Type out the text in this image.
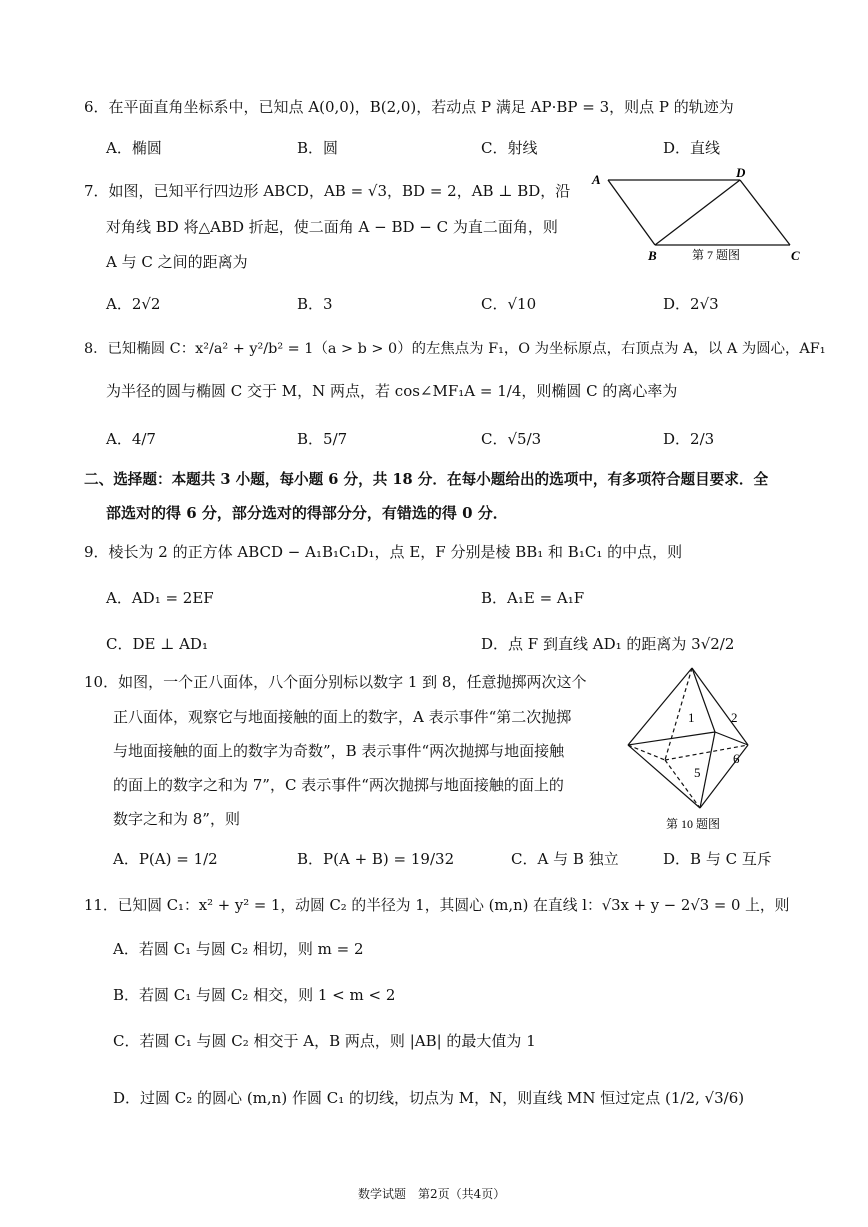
6．在平面直角坐标系中，已知点 A(0,0)，B(2,0)，若动点 P 满足 AP·BP = 3，则点 P 的轨迹为
A．椭圆	B．圆	C．射线	D．直线
7．如图，已知平行四边形 ABCD，AB = √3，BD = 2，AB ⊥ BD，沿
对角线 BD 将△ABD 折起，使二面角 A − BD − C 为直二面角，则
A 与 C 之间的距离为
A	D
B	C
第 7 题图
A．2√2	B．3	C．√10	D．2√3
8．已知椭圆 C：x²/a² + y²/b² = 1（a > b > 0）的左焦点为 F₁，O 为坐标原点，右顶点为 A，以 A 为圆心，AF₁
为半径的圆与椭圆 C 交于 M，N 两点，若 cos∠MF₁A = 1/4，则椭圆 C 的离心率为
A．4/7	B．5/7	C．√5/3	D．2/3
二、选择题：本题共 3 小题，每小题 6 分，共 18 分．在每小题给出的选项中，有多项符合题目要求．全
部选对的得 6 分，部分选对的得部分分，有错选的得 0 分．
9．棱长为 2 的正方体 ABCD − A₁B₁C₁D₁，点 E，F 分别是棱 BB₁ 和 B₁C₁ 的中点，则
A．AD₁ = 2EF	B．A₁E = A₁F
C．DE ⊥ AD₁	D．点 F 到直线 AD₁ 的距离为 3√2/2
10．如图，一个正八面体，八个面分别标以数字 1 到 8，任意抛掷两次这个
正八面体，观察它与地面接触的面上的数字，A 表示事件“第二次抛掷
与地面接触的面上的数字为奇数”，B 表示事件“两次抛掷与地面接触
的面上的数字之和为 7”，C 表示事件“两次抛掷与地面接触的面上的
数字之和为 8”，则
1	2
5
6
第 10 题图
A．P(A) = 1/2	B．P(A + B) = 19/32	C．A 与 B 独立	D．B 与 C 互斥
11．已知圆 C₁：x² + y² = 1，动圆 C₂ 的半径为 1，其圆心 (m,n) 在直线 l：√3x + y − 2√3 = 0 上，则
A．若圆 C₁ 与圆 C₂ 相切，则 m = 2
B．若圆 C₁ 与圆 C₂ 相交，则 1 < m < 2
C．若圆 C₁ 与圆 C₂ 相交于 A，B 两点，则 |AB| 的最大值为 1
D．过圆 C₂ 的圆心 (m,n) 作圆 C₁ 的切线，切点为 M，N，则直线 MN 恒过定点 (1/2, √3/6)
数学试题　第2页（共4页）
